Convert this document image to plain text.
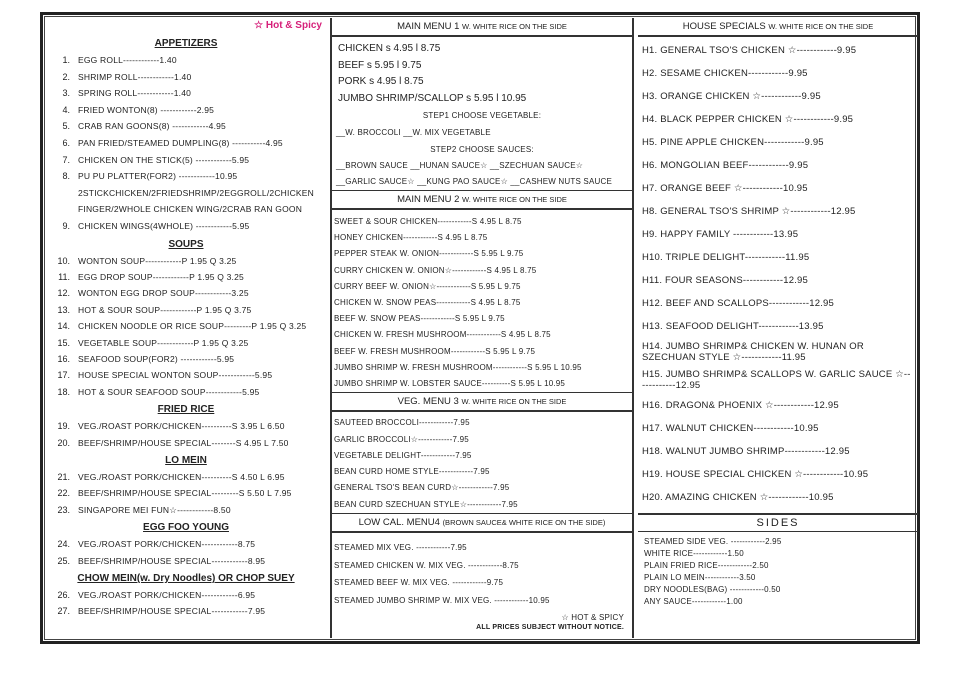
☆ Hot & Spicy
APPETIZERS
1. EGG ROLL------------1.40
2. SHRIMP ROLL------------1.40
3. SPRING ROLL------------1.40
4. FRIED WONTON(8) ------------2.95
5. CRAB RAN GOONS(8) ------------4.95
6. PAN FRIED/STEAMED DUMPLING(8) -----------4.95
7. CHICKEN ON THE STICK(5) ------------5.95
8. PU PU PLATTER(FOR2) ------------10.95
2STICKCHICKEN/2FRIEDSHRIMP/2EGGROLL/2CHICKEN
FINGER/2WHOLE CHICKEN WING/2CRAB RAN GOON
9. CHICKEN WINGS(4WHOLE) ------------5.95
SOUPS
10. WONTON SOUP------------P 1.95 Q 3.25
11. EGG DROP SOUP------------P 1.95 Q 3.25
12. WONTON EGG DROP SOUP------------3.25
13. HOT & SOUR SOUP------------P 1.95 Q 3.75
14. CHICKEN NOODLE OR RICE SOUP---------P 1.95 Q 3.25
15. VEGETABLE SOUP------------P 1.95 Q 3.25
16. SEAFOOD SOUP(FOR2) ------------5.95
17. HOUSE SPECIAL WONTON SOUP------------5.95
18. HOT & SOUR SEAFOOD SOUP------------5.95
FRIED RICE
19. VEG./ROAST PORK/CHICKEN----------S 3.95 L 6.50
20. BEEF/SHRIMP/HOUSE SPECIAL--------S 4.95 L 7.50
LO MEIN
21. VEG./ROAST PORK/CHICKEN----------S 4.50 L 6.95
22. BEEF/SHRIMP/HOUSE SPECIAL---------S 5.50 L 7.95
23. SINGAPORE MEI FUN☆------------8.50
EGG FOO YOUNG
24. VEG./ROAST PORK/CHICKEN------------8.75
25. BEEF/SHRIMP/HOUSE SPECIAL------------8.95
CHOW MEIN(w. Dry Noodles) OR CHOP SUEY
26. VEG./ROAST PORK/CHICKEN------------6.95
27. BEEF/SHRIMP/HOUSE SPECIAL------------7.95
MAIN MENU 1 W. WHITE RICE ON THE SIDE
CHICKEN s 4.95 l 8.75
BEEF s 5.95 l 9.75
PORK s 4.95 l 8.75
JUMBO SHRIMP/SCALLOP s 5.95 l 10.95
STEP1 CHOOSE VEGETABLE:
__W. BROCCOLI __W. MIX VEGETABLE
STEP2 CHOOSE SAUCES:
__BROWN SAUCE __HUNAN SAUCE☆ __SZECHUAN SAUCE☆
__GARLIC SAUCE☆ __KUNG PAO SAUCE☆ __CASHEW NUTS SAUCE
MAIN MENU 2 W. WHITE RICE ON THE SIDE
SWEET & SOUR CHICKEN------------S 4.95 L 8.75
HONEY CHICKEN------------S 4.95 L 8.75
PEPPER STEAK W. ONION------------S 5.95 L 9.75
CURRY CHICKEN W. ONION☆------------S 4.95 L 8.75
CURRY BEEF W. ONION☆------------S 5.95 L 9.75
CHICKEN W. SNOW PEAS------------S 4.95 L 8.75
BEEF W. SNOW PEAS------------S 5.95 L 9.75
CHICKEN W. FRESH MUSHROOM------------S 4.95 L 8.75
BEEF W. FRESH MUSHROOM------------S 5.95 L 9.75
JUMBO SHRIMP W. FRESH MUSHROOM------------S 5.95 L 10.95
JUMBO SHRIMP W. LOBSTER SAUCE----------S 5.95 L 10.95
VEG. MENU 3 W. WHITE RICE ON THE SIDE
SAUTEED BROCCOLI------------7.95
GARLIC BROCCOLI☆------------7.95
VEGETABLE DELIGHT------------7.95
BEAN CURD HOME STYLE------------7.95
GENERAL TSO'S BEAN CURD☆------------7.95
BEAN CURD SZECHUAN STYLE☆------------7.95
LOW CAL. MENU4 (BROWN SAUCE& WHITE RICE ON THE SIDE)
STEAMED MIX VEG. ------------7.95
STEAMED CHICKEN W. MIX VEG. ------------8.75
STEAMED BEEF W. MIX VEG. ------------9.75
STEAMED JUMBO SHRIMP W. MIX VEG. ------------10.95
☆ HOT & SPICY
ALL PRICES SUBJECT WITHOUT NOTICE.
HOUSE SPECIALS W. WHITE RICE ON THE SIDE
H1. GENERAL TSO'S CHICKEN ☆------------9.95
H2. SESAME CHICKEN------------9.95
H3. ORANGE CHICKEN ☆------------9.95
H4. BLACK PEPPER CHICKEN ☆------------9.95
H5. PINE APPLE CHICKEN------------9.95
H6. MONGOLIAN BEEF------------9.95
H7. ORANGE BEEF ☆------------10.95
H8. GENERAL TSO'S SHRIMP ☆------------12.95
H9. HAPPY FAMILY ------------13.95
H10. TRIPLE DELIGHT------------11.95
H11. FOUR SEASONS------------12.95
H12. BEEF AND SCALLOPS------------12.95
H13. SEAFOOD DELIGHT------------13.95
H14. JUMBO SHRIMP& CHICKEN W. HUNAN OR SZECHUAN STYLE ☆------------11.95
H15. JUMBO SHRIMP& SCALLOPS W. GARLIC SAUCE ☆------------12.95
H16. DRAGON& PHOENIX ☆------------12.95
H17. WALNUT CHICKEN------------10.95
H18. WALNUT JUMBO SHRIMP------------12.95
H19. HOUSE SPECIAL CHICKEN ☆------------10.95
H20. AMAZING CHICKEN ☆------------10.95
SIDES
STEAMED SIDE VEG. ------------2.95
WHITE RICE------------1.50
PLAIN FRIED RICE------------2.50
PLAIN LO MEIN------------3.50
DRY NOODLES(BAG) ------------0.50
ANY SAUCE------------1.00
